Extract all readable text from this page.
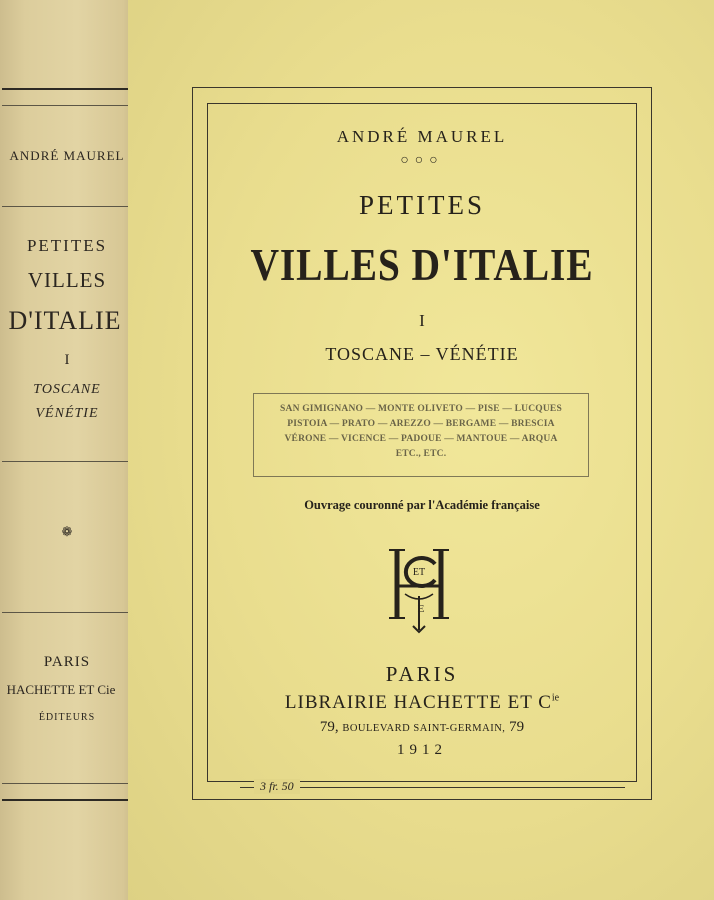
ANDRÉ MAUREL
PETITES
VILLES
D'ITALIE
I
TOSCANE
VÉNÉTIE
❁
PARIS
HACHETTE ET Cie
ÉDITEURS
ANDRÉ MAUREL
○○○
PETITES
VILLES D'ITALIE
I
TOSCANE – VÉNÉTIE
SAN GIMIGNANO — MONTE OLIVETO — PISE — LUCQUES
PISTOIA — PRATO — AREZZO — BERGAME — BRESCIA
VÉRONE — VICENCE — PADOUE — MANTOUE — ARQUA
ETC., ETC.
Ouvrage couronné par l'Académie française
ET
E
PARIS
LIBRAIRIE HACHETTE ET $C^{ie}$
79, BOULEVARD SAINT-GERMAIN, 79
1912
3 fr. 50
